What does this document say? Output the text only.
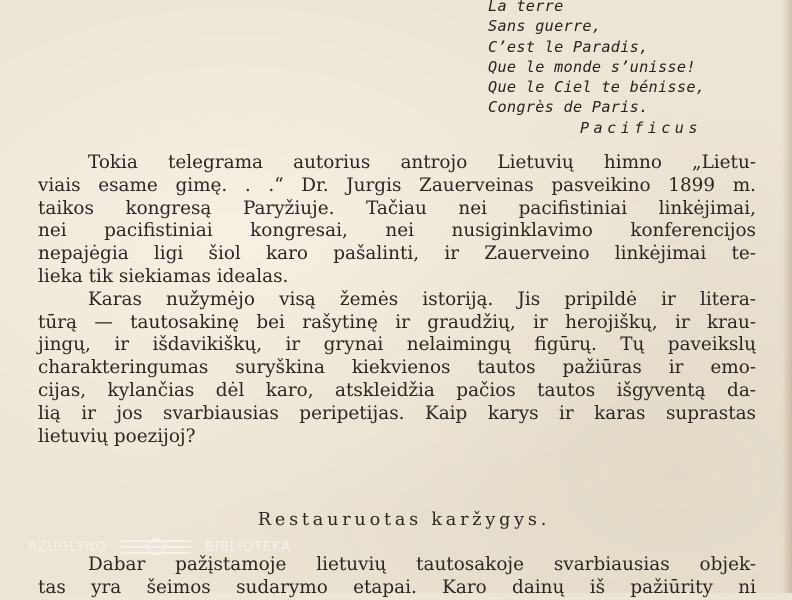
La terre
Sans guerre,
C’est le Paradis,
Que le monde s’unisse!
Que le Ciel te bénisse,
Congrès de Paris.
Pacificus

Tokia telegrama autorius antrojo Lietuvių himno „Lietu-
viais esame gimę. . .“ Dr. Jurgis Zauerveinas pasveikino 1899 m.
taikos kongresą Paryžiuje. Tačiau nei pacifistiniai linkėjimai,
nei pacifistiniai kongresai, nei nusiginklavimo konferencijos
nepajėgia ligi šiol karo pašalinti, ir Zauerveino linkėjimai te-
lieka tik siekiamas idealas.

Karas nužymėjo visą žemės istoriją. Jis pripildė ir litera-
tūrą — tautosakinę bei rašytinę ir graudžių, ir herojiškų, ir krau-
jingų, ir išdavikiškų, ir grynai nelaimingų figūrų. Tų paveikslų
charakteringumas suryškina kiekvienos tautos pažiūras ir emo-
cijas, kylančias dėl karo, atskleidžia pačios tautos išgyventą da-
lią ir jos svarbiausias peripetijas. Kaip karys ir karas suprastas
lietuvių poezijoj?

Restauruotas karžygys.
Dabar pažįstamoje lietuvių tautosakoje svarbiausias objek-
tas yra šeimos sudarymo etapai. Karo dainų iš pažiūrity ni
AZUOLYNO	BIBLIOTEKA
